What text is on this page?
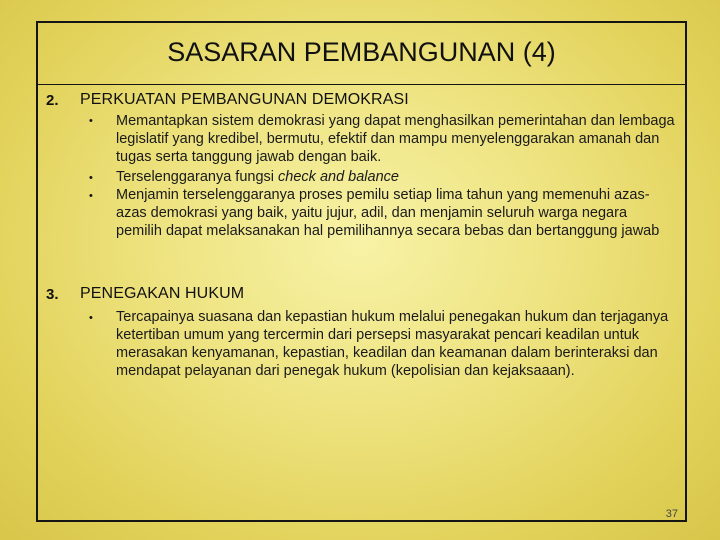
SASARAN PEMBANGUNAN (4)
2. PERKUATAN PEMBANGUNAN DEMOKRASI
• Memantapkan sistem demokrasi yang dapat menghasilkan pemerintahan dan lembaga legislatif yang kredibel, bermutu, efektif dan mampu menyelenggarakan amanah dan tugas serta tanggung jawab dengan baik.
• Terselenggaranya fungsi check and balance
• Menjamin terselenggaranya proses pemilu setiap lima tahun yang memenuhi azas-azas demokrasi yang baik, yaitu jujur, adil, dan menjamin seluruh warga negara pemilih dapat melaksanakan hal pemilihannya secara bebas dan bertanggung jawab
3. PENEGAKAN HUKUM
• Tercapainya suasana dan kepastian hukum melalui penegakan hukum dan terjaganya ketertiban umum yang tercermin dari persepsi masyarakat pencari keadilan untuk merasakan kenyamanan, kepastian, keadilan dan keamanan dalam berinteraksi dan mendapat pelayanan dari penegak hukum (kepolisian dan kejaksaaan).
37
